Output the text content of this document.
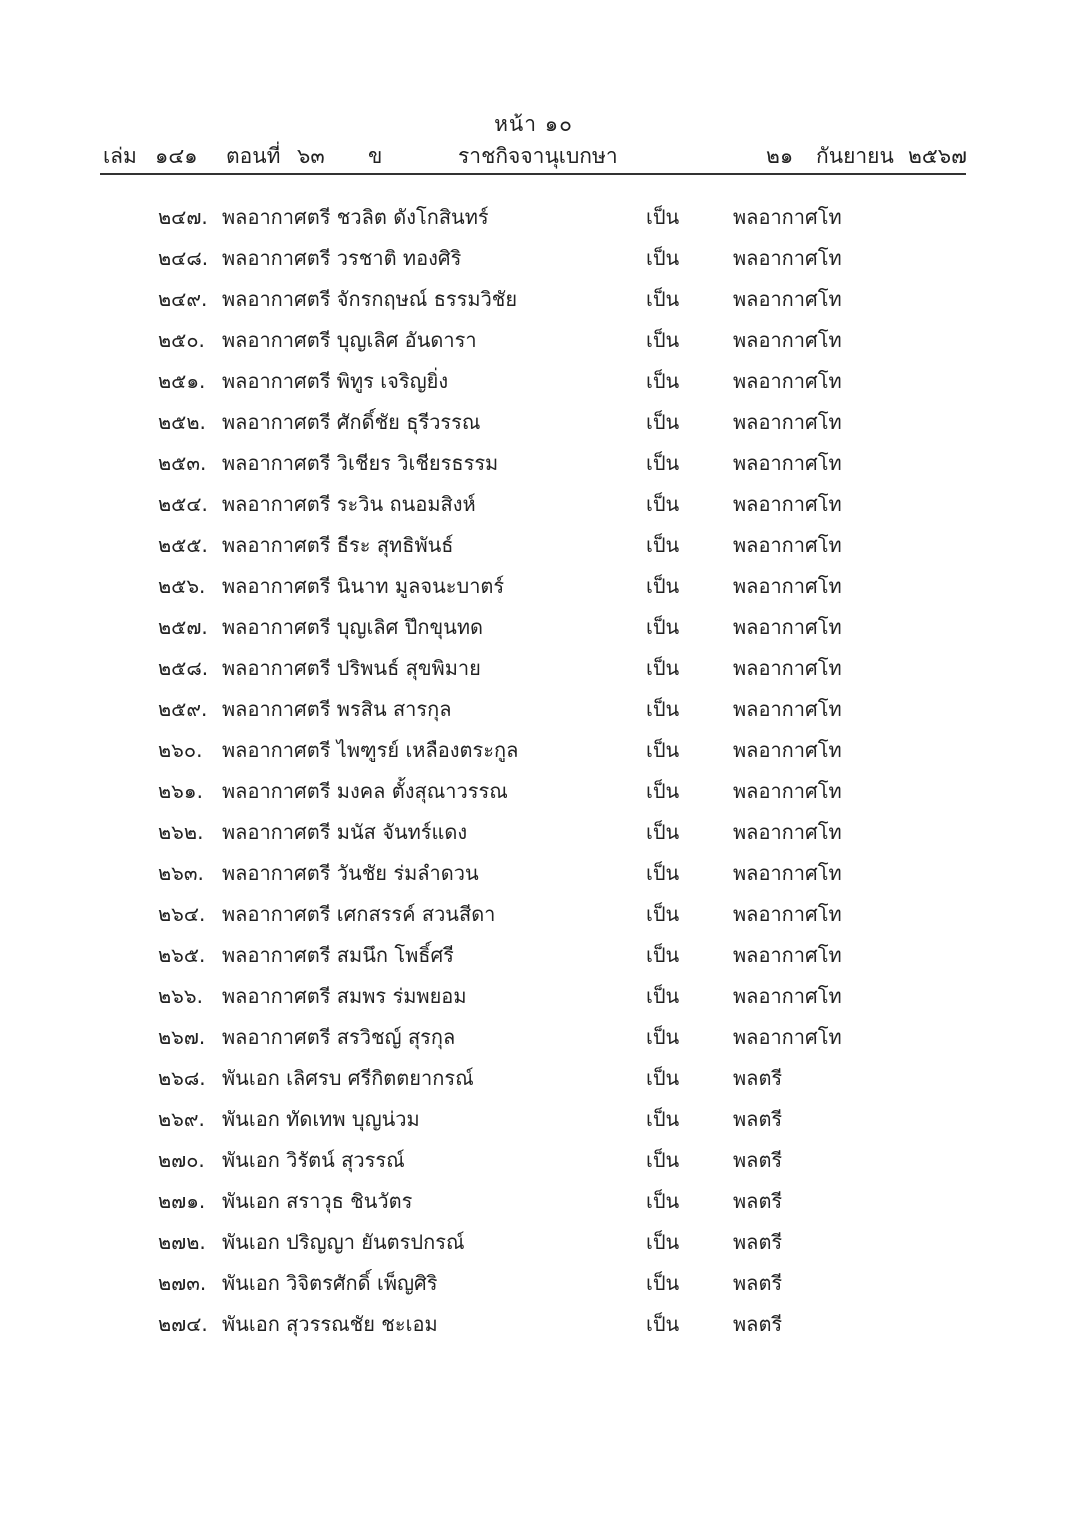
หน้า ๑๐
เล่ม ๑๔๑ ตอนที่ ๖๓ ข	ราชกิจจานุเบกษา	๒๑ กันยายน ๒๕๖๗
๒๔๗. พลอากาศตรี ชวลิต ดังโกสินทร์	เป็น	พลอากาศโท
๒๔๘. พลอากาศตรี วรชาติ ทองศิริ	เป็น	พลอากาศโท
๒๔๙. พลอากาศตรี จักรกฤษณ์ ธรรมวิชัย	เป็น	พลอากาศโท
๒๕๐. พลอากาศตรี บุญเลิศ อันดารา	เป็น	พลอากาศโท
๒๕๑. พลอากาศตรี พิทูร เจริญยิ่ง	เป็น	พลอากาศโท
๒๕๒. พลอากาศตรี ศักดิ์ชัย ธุรีวรรณ	เป็น	พลอากาศโท
๒๕๓. พลอากาศตรี วิเชียร วิเชียรธรรม	เป็น	พลอากาศโท
๒๕๔. พลอากาศตรี ระวิน ถนอมสิงห์	เป็น	พลอากาศโท
๒๕๕. พลอากาศตรี ธีระ สุทธิพันธ์	เป็น	พลอากาศโท
๒๕๖. พลอากาศตรี นินาท มูลจนะบาตร์	เป็น	พลอากาศโท
๒๕๗. พลอากาศตรี บุญเลิศ ปึกขุนทด	เป็น	พลอากาศโท
๒๕๘. พลอากาศตรี ปริพนธ์ สุขพิมาย	เป็น	พลอากาศโท
๒๕๙. พลอากาศตรี พรสิน สารกุล	เป็น	พลอากาศโท
๒๖๐. พลอากาศตรี ไพฑูรย์ เหลืองตระกูล	เป็น	พลอากาศโท
๒๖๑. พลอากาศตรี มงคล ตั้งสุณาวรรณ	เป็น	พลอากาศโท
๒๖๒. พลอากาศตรี มนัส จันทร์แดง	เป็น	พลอากาศโท
๒๖๓. พลอากาศตรี วันชัย ร่มลำดวน	เป็น	พลอากาศโท
๒๖๔. พลอากาศตรี เศกสรรค์ สวนสีดา	เป็น	พลอากาศโท
๒๖๕. พลอากาศตรี สมนึก โพธิ์ศรี	เป็น	พลอากาศโท
๒๖๖. พลอากาศตรี สมพร ร่มพยอม	เป็น	พลอากาศโท
๒๖๗. พลอากาศตรี สรวิชญ์ สุรกุล	เป็น	พลอากาศโท
๒๖๘. พันเอก เลิศรบ ศรีกิตตยากรณ์	เป็น	พลตรี
๒๖๙. พันเอก ทัดเทพ บุญน่วม	เป็น	พลตรี
๒๗๐. พันเอก วิรัตน์ สุวรรณ์	เป็น	พลตรี
๒๗๑. พันเอก สราวุธ ชินวัตร	เป็น	พลตรี
๒๗๒. พันเอก ปริญญา ยันตรปกรณ์	เป็น	พลตรี
๒๗๓. พันเอก วิจิตรศักดิ์ เพ็ญศิริ	เป็น	พลตรี
๒๗๔. พันเอก สุวรรณชัย ชะเอม	เป็น	พลตรี
